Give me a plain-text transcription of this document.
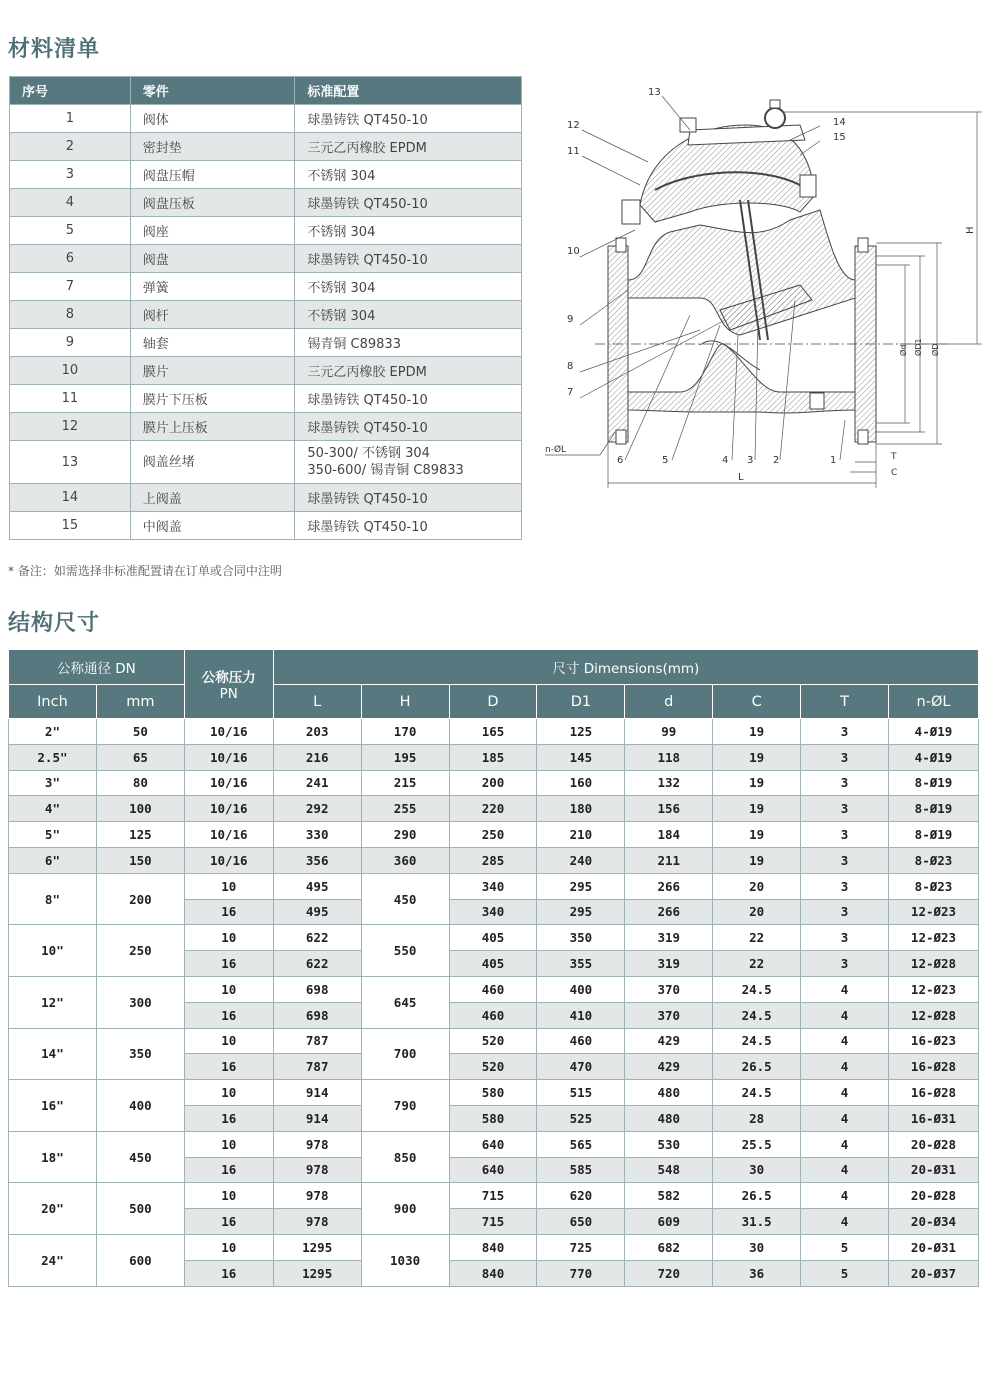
材料清单
序号	零件	标准配置
1	阀体	球墨铸铁 QT450-10
2	密封垫	三元乙丙橡胶 EPDM
3	阀盘压帽	不锈钢 304
4	阀盘压板	球墨铸铁 QT450-10
5	阀座	不锈钢 304
6	阀盘	球墨铸铁 QT450-10
7	弹簧	不锈钢 304
8	阀杆	不锈钢 304
9	轴套	锡青铜 C89833
10	膜片	三元乙丙橡胶 EPDM
11	膜片下压板	球墨铸铁 QT450-10
12	膜片上压板	球墨铸铁 QT450-10
13	阀盖丝堵	50-300/ 不锈钢 304
350-600/ 锡青铜 C89833

14	上阀盖	球墨铸铁 QT450-10
15	中阀盖	球墨铸铁 QT450-10
* 备注：如需选择非标准配置请在订单或合同中注明
13
12
11
10
9
8
7
14
15
6	5	4 3 2	1
H
L
T
C
n-ØL
Ød ØD1 ØD
结构尺寸
公称通径 DN		公称压力
PN	尺寸 Dimensions(mm)							
Inch	mm		L	H	D	D1	d	C	T	n-ØL
2"	50	10/16	203	170	165	125	99	19	3	4-Ø19
2.5"	65	10/16	216	195	185	145	118	19	3	4-Ø19
3"	80	10/16	241	215	200	160	132	19	3	8-Ø19
4"	100	10/16	292	255	220	180	156	19	3	8-Ø19
5"	125	10/16	330	290	250	210	184	19	3	8-Ø19
6"	150	10/16	356	360	285	240	211	19	3	8-Ø23
8"	200	10	495	450	340	295	266	20	3	8-Ø23
		16	495		340	295	266	20	3	12-Ø23
10"	250	10	622	550	405	350	319	22	3	12-Ø23
		16	622		405	355	319	22	3	12-Ø28
12"	300	10	698	645	460	400	370	24.5	4	12-Ø23
		16	698		460	410	370	24.5	4	12-Ø28
14"	350	10	787	700	520	460	429	24.5	4	16-Ø23
		16	787		520	470	429	26.5	4	16-Ø28
16"	400	10	914	790	580	515	480	24.5	4	16-Ø28
		16	914		580	525	480	28	4	16-Ø31
18"	450	10	978	850	640	565	530	25.5	4	20-Ø28
		16	978		640	585	548	30	4	20-Ø31
20"	500	10	978	900	715	620	582	26.5	4	20-Ø28
		16	978		715	650	609	31.5	4	20-Ø34
24"	600	10	1295	1030	840	725	682	30	5	20-Ø31
		16	1295		840	770	720	36	5	20-Ø37
